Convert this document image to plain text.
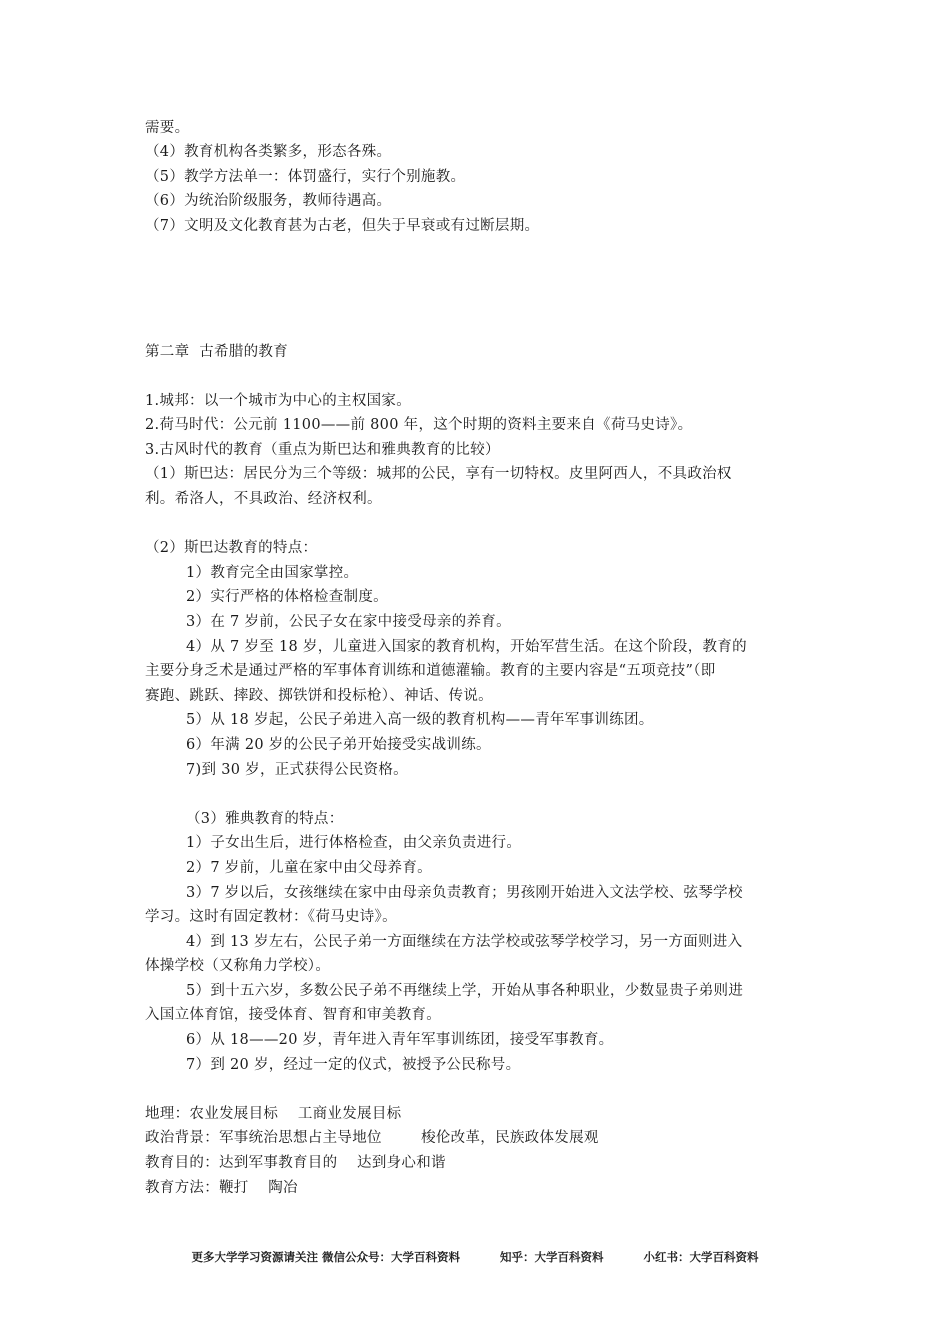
需要。
（4）教育机构各类繁多，形态各殊。
（5）教学方法单一：体罚盛行，实行个别施教。
（6）为统治阶级服务，教师待遇高。
（7）文明及文化教育甚为古老，但失于早衰或有过断层期。
第二章  古希腊的教育
1.城邦：以一个城市为中心的主权国家。
2.荷马时代：公元前 1100——前 800 年，这个时期的资料主要来自《荷马史诗》。
3.古风时代的教育（重点为斯巴达和雅典教育的比较）
（1）斯巴达：居民分为三个等级：城邦的公民，享有一切特权。皮里阿西人，不具政治权
利。希洛人，不具政治、经济权利。
（2）斯巴达教育的特点：
1）教育完全由国家掌控。
2）实行严格的体格检查制度。
3）在 7 岁前，公民子女在家中接受母亲的养育。
4）从 7 岁至 18 岁，儿童进入国家的教育机构，开始军营生活。在这个阶段，教育的
主要分身乏术是通过严格的军事体育训练和道德灌输。教育的主要内容是“五项竞技”（即
赛跑、跳跃、摔跤、掷铁饼和投标枪）、神话、传说。
5）从 18 岁起，公民子弟进入高一级的教育机构——青年军事训练团。
6）年满 20 岁的公民子弟开始接受实战训练。
7)到 30 岁，正式获得公民资格。
（3）雅典教育的特点：
1）子女出生后，进行体格检查，由父亲负责进行。
2）7 岁前，儿童在家中由父母养育。
3）7 岁以后，女孩继续在家中由母亲负责教育；男孩刚开始进入文法学校、弦琴学校
学习。这时有固定教材：《荷马史诗》。
4）到 13 岁左右，公民子弟一方面继续在方法学校或弦琴学校学习，另一方面则进入
体操学校（又称角力学校）。
5）到十五六岁，多数公民子弟不再继续上学，开始从事各种职业，少数显贵子弟则进
入国立体育馆，接受体育、智育和审美教育。
6）从 18——20 岁，青年进入青年军事训练团，接受军事教育。
7）到 20 岁，经过一定的仪式，被授予公民称号。
地理：农业发展目标    工商业发展目标
政治背景：军事统治思想占主导地位        梭伦改革，民族政体发展观
教育目的：达到军事教育目的    达到身心和谐
教育方法：鞭打    陶冶
更多大学学习资源请关注 微信公众号：大学百科资料          知乎：大学百科资料          小红书：大学百科资料
